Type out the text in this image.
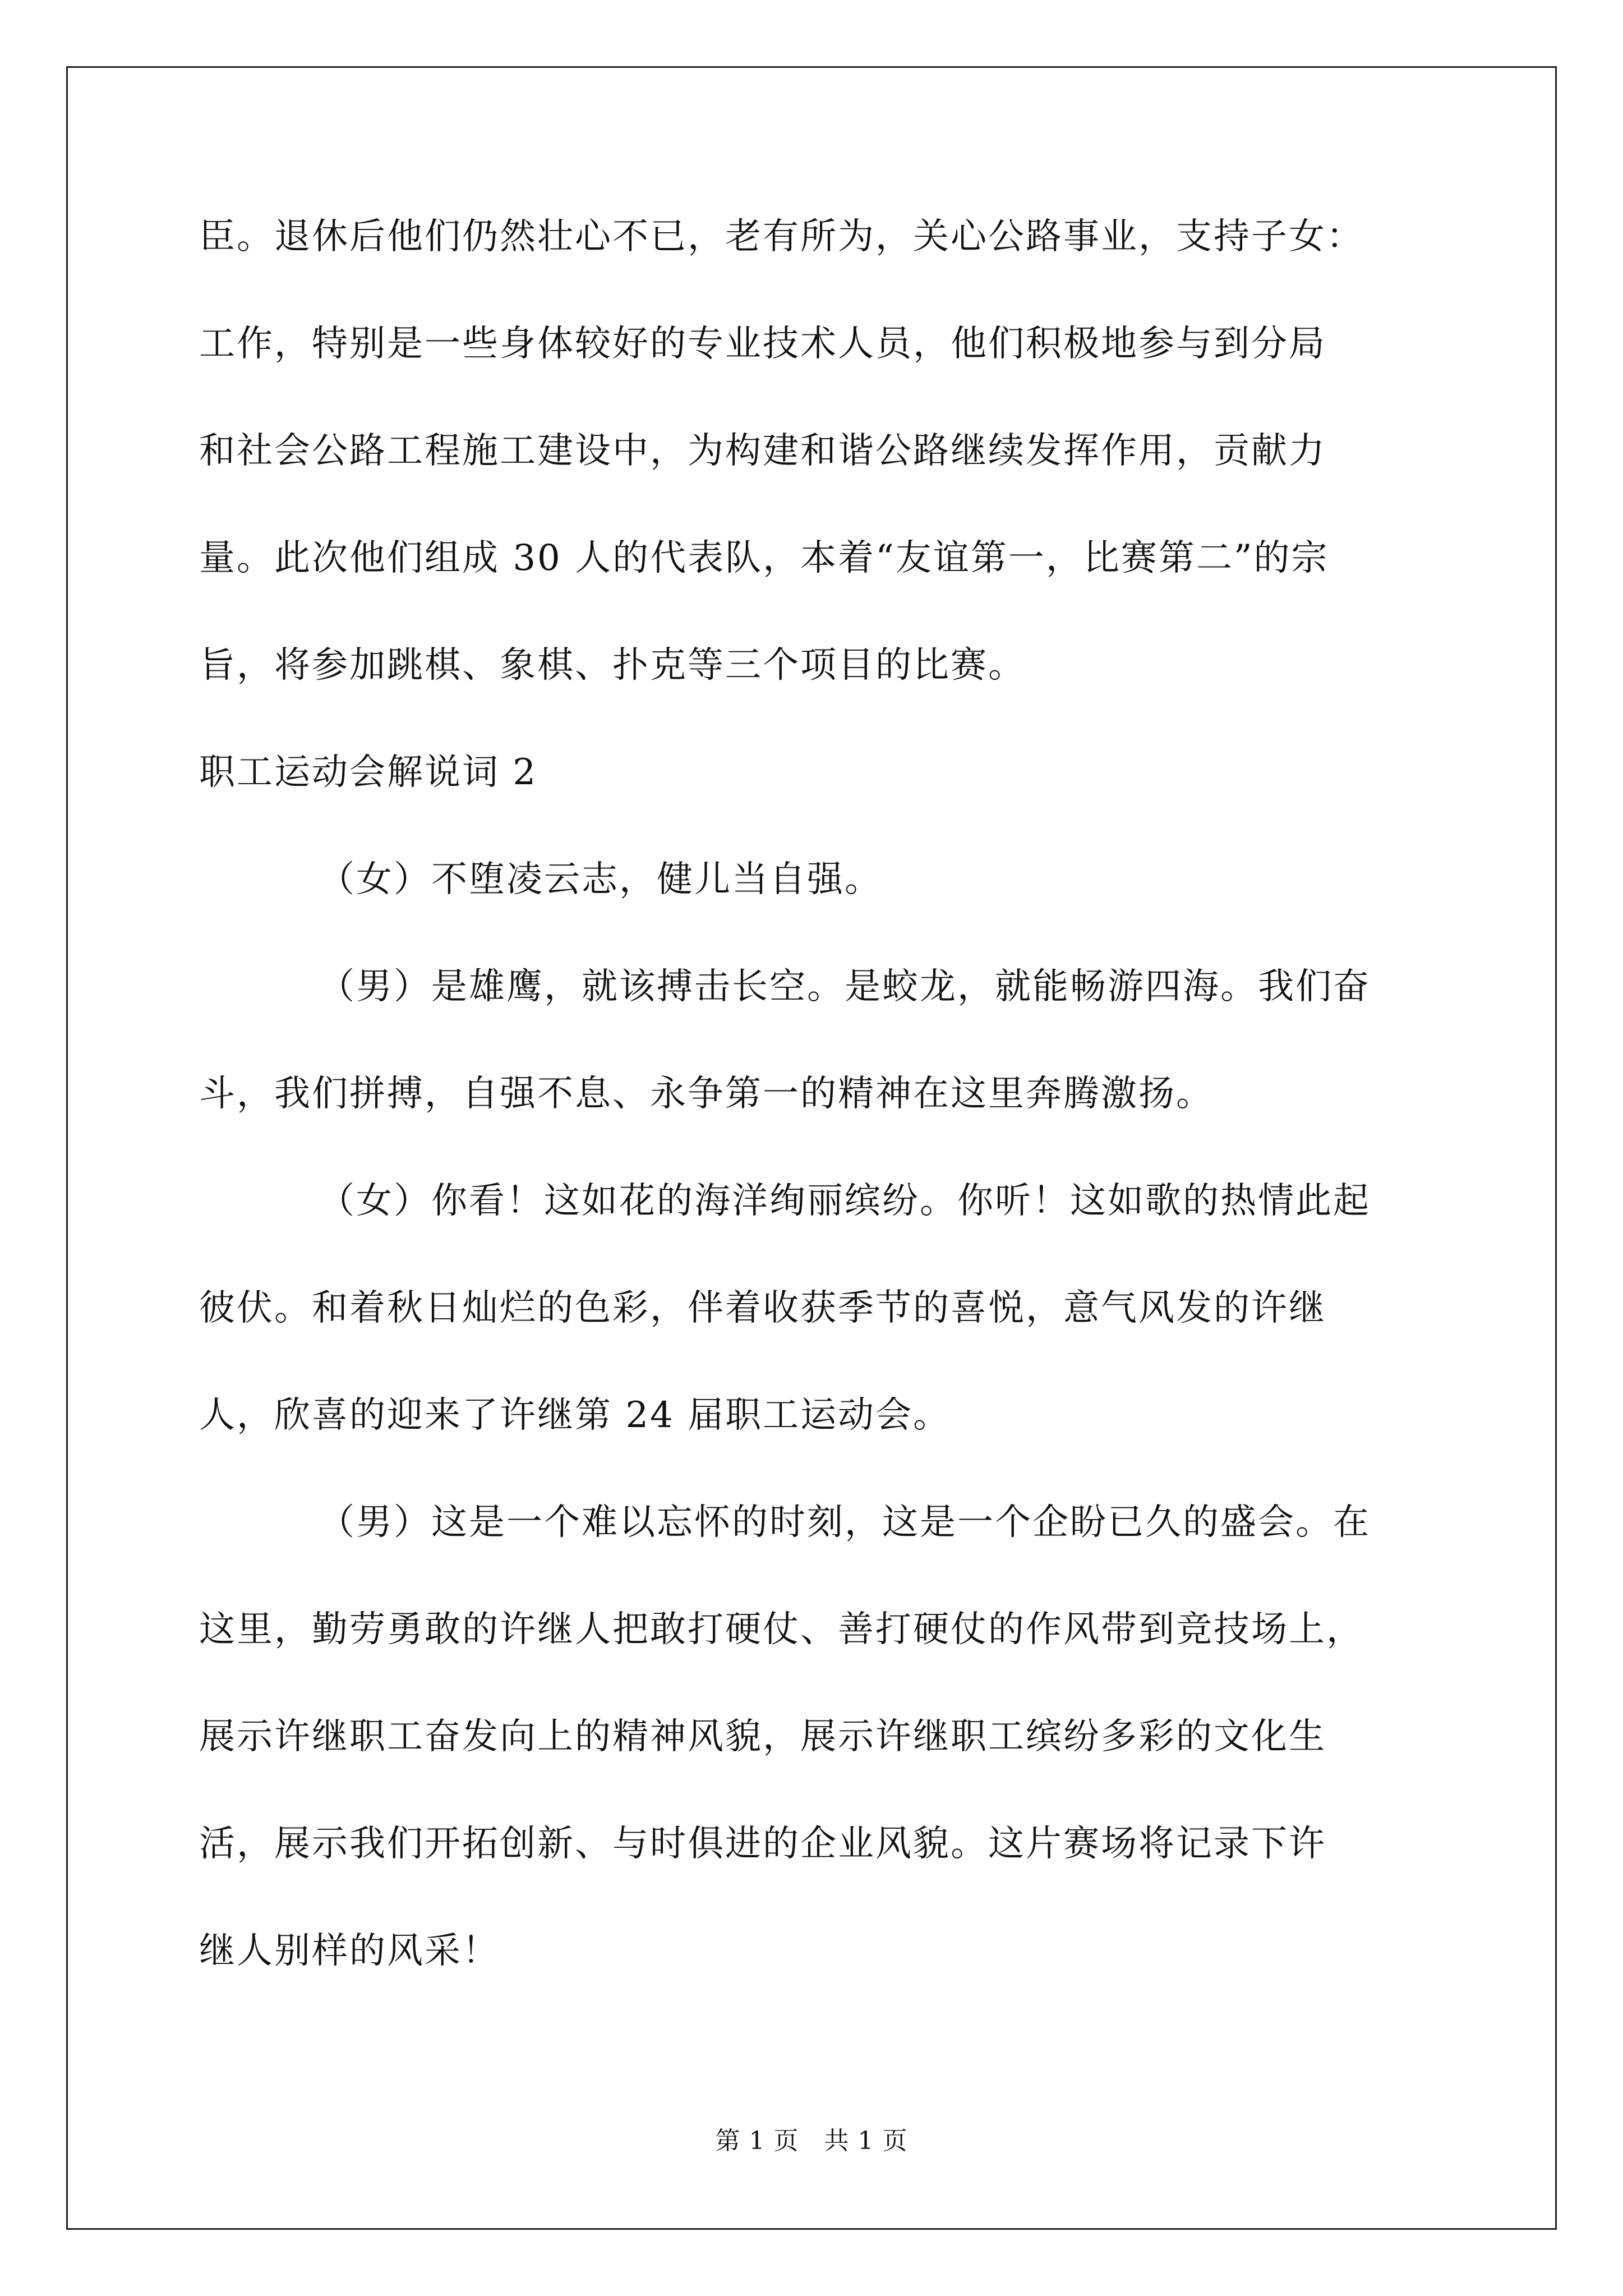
臣。退休后他们仍然壮心不已，老有所为，关心公路事业，支持子女：
工作，特别是一些身体较好的专业技术人员，他们积极地参与到分局
和社会公路工程施工建设中，为构建和谐公路继续发挥作用，贡献力
量。此次他们组成 30 人的代表队，本着“友谊第一，比赛第二”的宗
旨，将参加跳棋、象棋、扑克等三个项目的比赛。
职工运动会解说词 2
（女）不堕凌云志，健儿当自强。
（男）是雄鹰，就该搏击长空。是蛟龙，就能畅游四海。我们奋
斗，我们拼搏，自强不息、永争第一的精神在这里奔腾激扬。
（女）你看！这如花的海洋绚丽缤纷。你听！这如歌的热情此起
彼伏。和着秋日灿烂的色彩，伴着收获季节的喜悦，意气风发的许继
人，欣喜的迎来了许继第 24 届职工运动会。
（男）这是一个难以忘怀的时刻，这是一个企盼已久的盛会。在
这里，勤劳勇敢的许继人把敢打硬仗、善打硬仗的作风带到竞技场上，
展示许继职工奋发向上的精神风貌，展示许继职工缤纷多彩的文化生
活，展示我们开拓创新、与时俱进的企业风貌。这片赛场将记录下许
继人别样的风采！
第 1 页   共 1 页
